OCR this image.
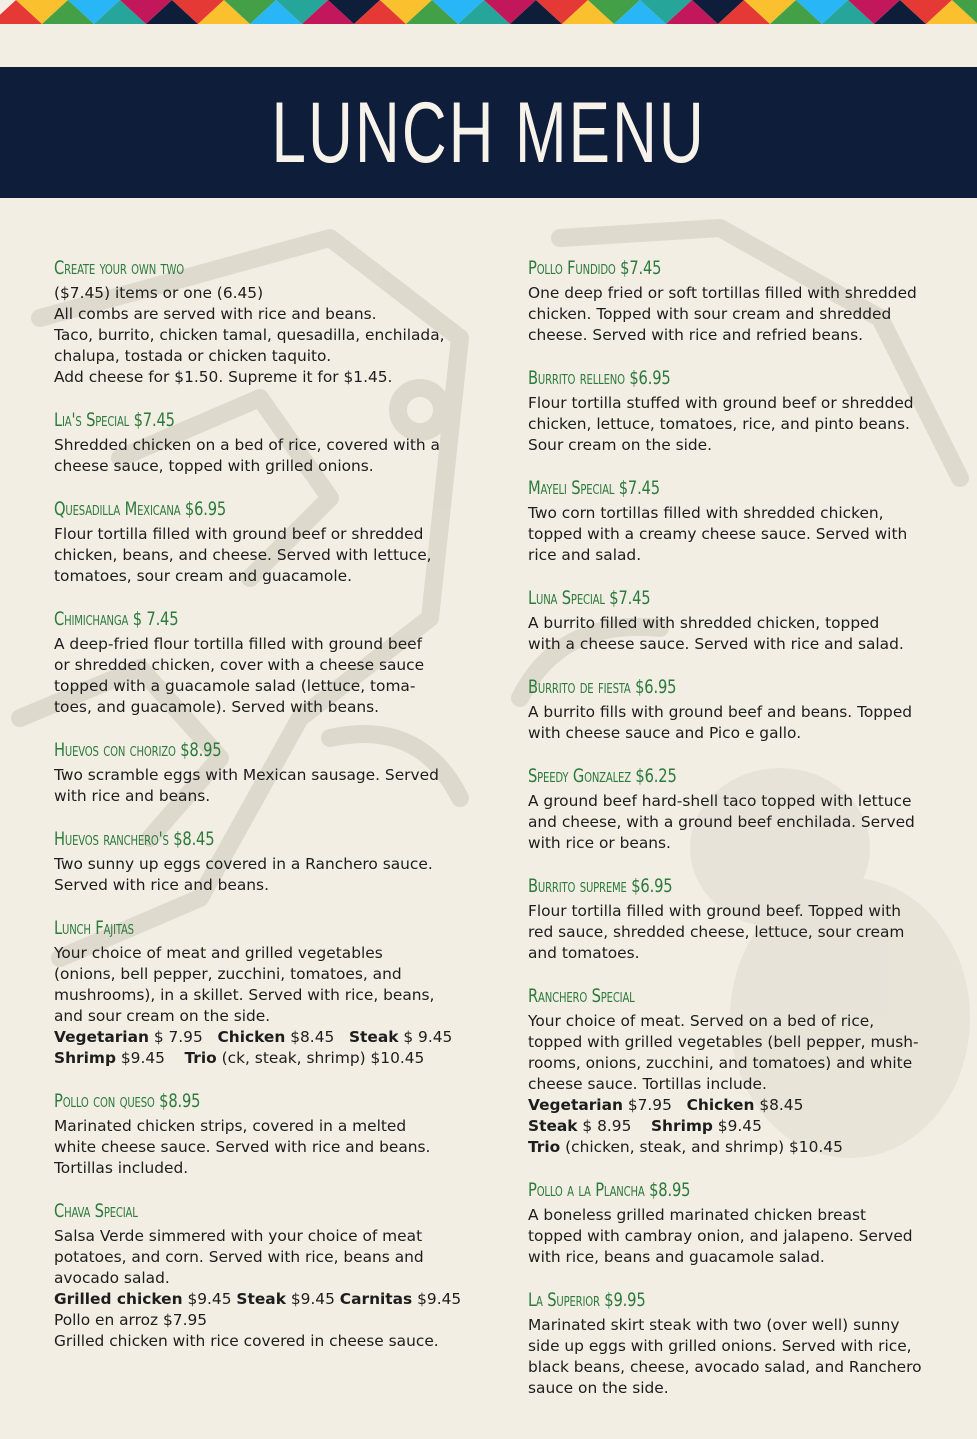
LUNCH MENU
Create your own two

($7.45) items or one (6.45)
All combs are served with rice and beans.
Taco, burrito, chicken tamal, quesadilla, enchilada,
chalupa, tostada or chicken taquito.
Add cheese for $1.50. Supreme it for $1.45.

Lia's Special $7.45

Shredded chicken on a bed of rice, covered with a
cheese sauce, topped with grilled onions.

Quesadilla Mexicana $6.95

Flour tortilla filled with ground beef or shredded
chicken, beans, and cheese. Served with lettuce,
tomatoes, sour cream and guacamole.

Chimichanga $ 7.45

A deep-fried flour tortilla filled with ground beef
or shredded chicken, cover with a cheese sauce
topped with a guacamole salad (lettuce, toma-
toes, and guacamole). Served with beans.

Huevos con chorizo $8.95

Two scramble eggs with Mexican sausage. Served
with rice and beans.

Huevos ranchero's $8.45

Two sunny up eggs covered in a Ranchero sauce.
Served with rice and beans.

Lunch Fajitas

Your choice of meat and grilled vegetables
(onions, bell pepper, zucchini, tomatoes, and
mushrooms), in a skillet. Served with rice, beans,
and sour cream on the side.
Vegetarian $ 7.95   Chicken $8.45   Steak $ 9.45
Shrimp $9.45    Trio (ck, steak, shrimp) $10.45

Pollo con queso $8.95

Marinated chicken strips, covered in a melted
white cheese sauce. Served with rice and beans.
Tortillas included.

Chava Special

Salsa Verde simmered with your choice of meat
potatoes, and corn. Served with rice, beans and
avocado salad.
Grilled chicken $9.45 Steak $9.45 Carnitas $9.45

Pollo en arroz $7.95
Grilled chicken with rice covered in cheese sauce.

Pollo Fundido $7.45

One deep fried or soft tortillas filled with shredded
chicken. Topped with sour cream and shredded
cheese. Served with rice and refried beans.

Burrito relleno $6.95

Flour tortilla stuffed with ground beef or shredded
chicken, lettuce, tomatoes, rice, and pinto beans.
Sour cream on the side.

Mayeli Special $7.45

Two corn tortillas filled with shredded chicken,
topped with a creamy cheese sauce. Served with
rice and salad.

Luna Special $7.45

A burrito filled with shredded chicken, topped
with a cheese sauce. Served with rice and salad.

Burrito de fiesta $6.95

A burrito fills with ground beef and beans. Topped
with cheese sauce and Pico e gallo.

Speedy Gonzalez $6.25

A ground beef hard-shell taco topped with lettuce
and cheese, with a ground beef enchilada. Served
with rice or beans.

Burrito supreme $6.95

Flour tortilla filled with ground beef. Topped with
red sauce, shredded cheese, lettuce, sour cream
and tomatoes.

Ranchero Special

Your choice of meat. Served on a bed of rice,
topped with grilled vegetables (bell pepper, mush-
rooms, onions, zucchini, and tomatoes) and white
cheese sauce. Tortillas include.
Vegetarian $7.95   Chicken $8.45
Steak $ 8.95    Shrimp $9.45
Trio (chicken, steak, and shrimp) $10.45

Pollo a la Plancha $8.95

A boneless grilled marinated chicken breast
topped with cambray onion, and jalapeno. Served
with rice, beans and guacamole salad.

La Superior $9.95

Marinated skirt steak with two (over well) sunny
side up eggs with grilled onions. Served with rice,
black beans, cheese, avocado salad, and Ranchero
sauce on the side.
